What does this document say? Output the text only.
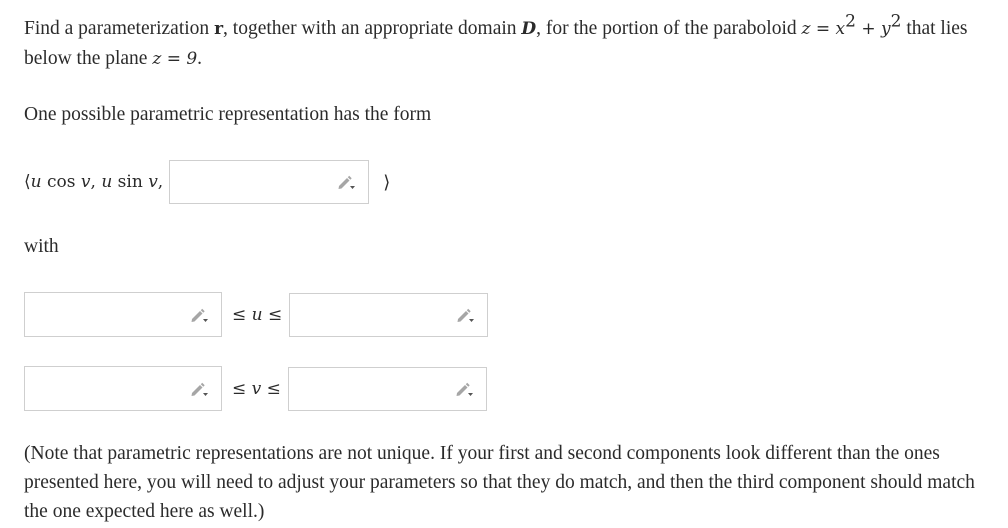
Find a parameterization r, together with an appropriate domain D, for the portion of the paraboloid $z = x^2 + y^2$ that lies below the plane z = 9.

One possible parametric representation has the form

⟨u cos v, u sin v,	⟩

with

≤ u ≤
≤ v ≤

(Note that parametric representations are not unique. If your first and second components look different than the ones presented here, you will need to adjust your parameters so that they do match, and then the third component should match the one expected here as well.)
